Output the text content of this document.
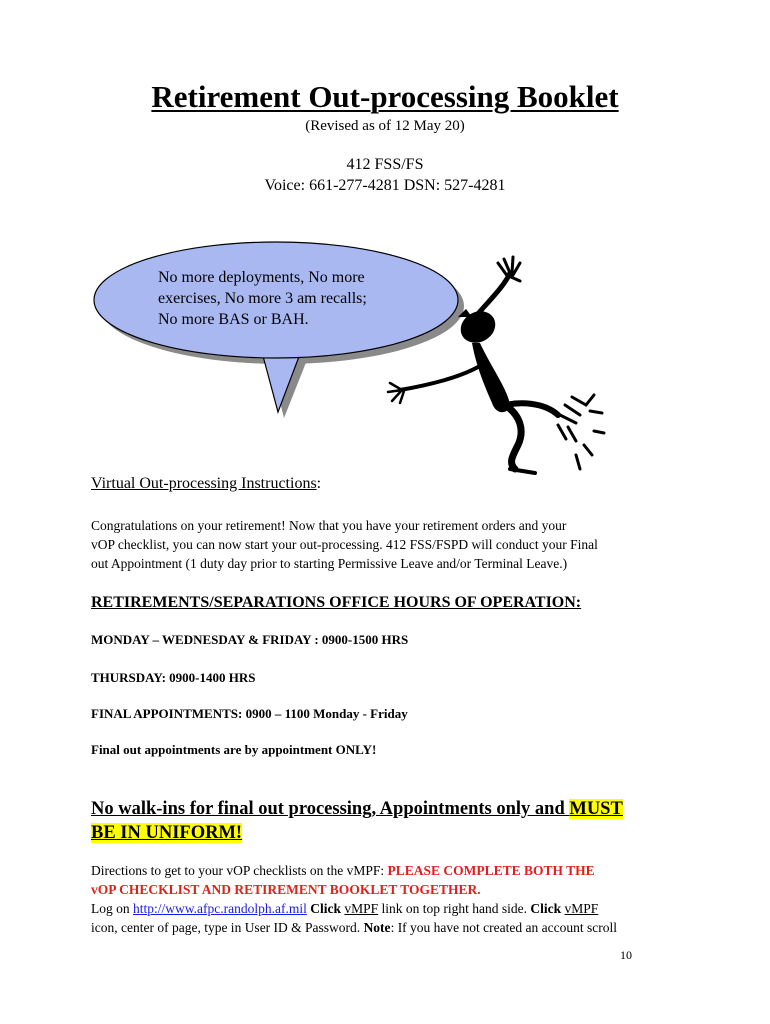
Retirement Out-processing Booklet
(Revised as of 12 May 20)
412 FSS/FS
Voice: 661-277-4281 DSN: 527-4281
No more deployments, No more
exercises, No more 3 am recalls;
No more BAS or BAH.
Virtual Out-processing Instructions:

Congratulations on your retirement! Now that you have your retirement orders and your

vOP checklist, you can now start your out-processing. 412 FSS/FSPD will conduct your Final

out Appointment (1 duty day prior to starting Permissive Leave and/or Terminal Leave.)

RETIREMENTS/SEPARATIONS OFFICE HOURS OF OPERATION:
MONDAY – WEDNESDAY & FRIDAY : 0900-1500 HRS
THURSDAY: 0900-1400 HRS
FINAL APPOINTMENTS: 0900 – 1100 Monday - Friday
Final out appointments are by appointment ONLY!
No walk-ins for final out processing, Appointments only and MUST
BE IN UNIFORM!

Directions to get to your vOP checklists on the vMPF: PLEASE COMPLETE BOTH THE

vOP CHECKLIST AND RETIREMENT BOOKLET TOGETHER.

Log on http://www.afpc.randolph.af.mil Click vMPF link on top right hand side. Click vMPF

icon, center of page, type in User ID & Password. Note: If you have not created an account scroll

10
